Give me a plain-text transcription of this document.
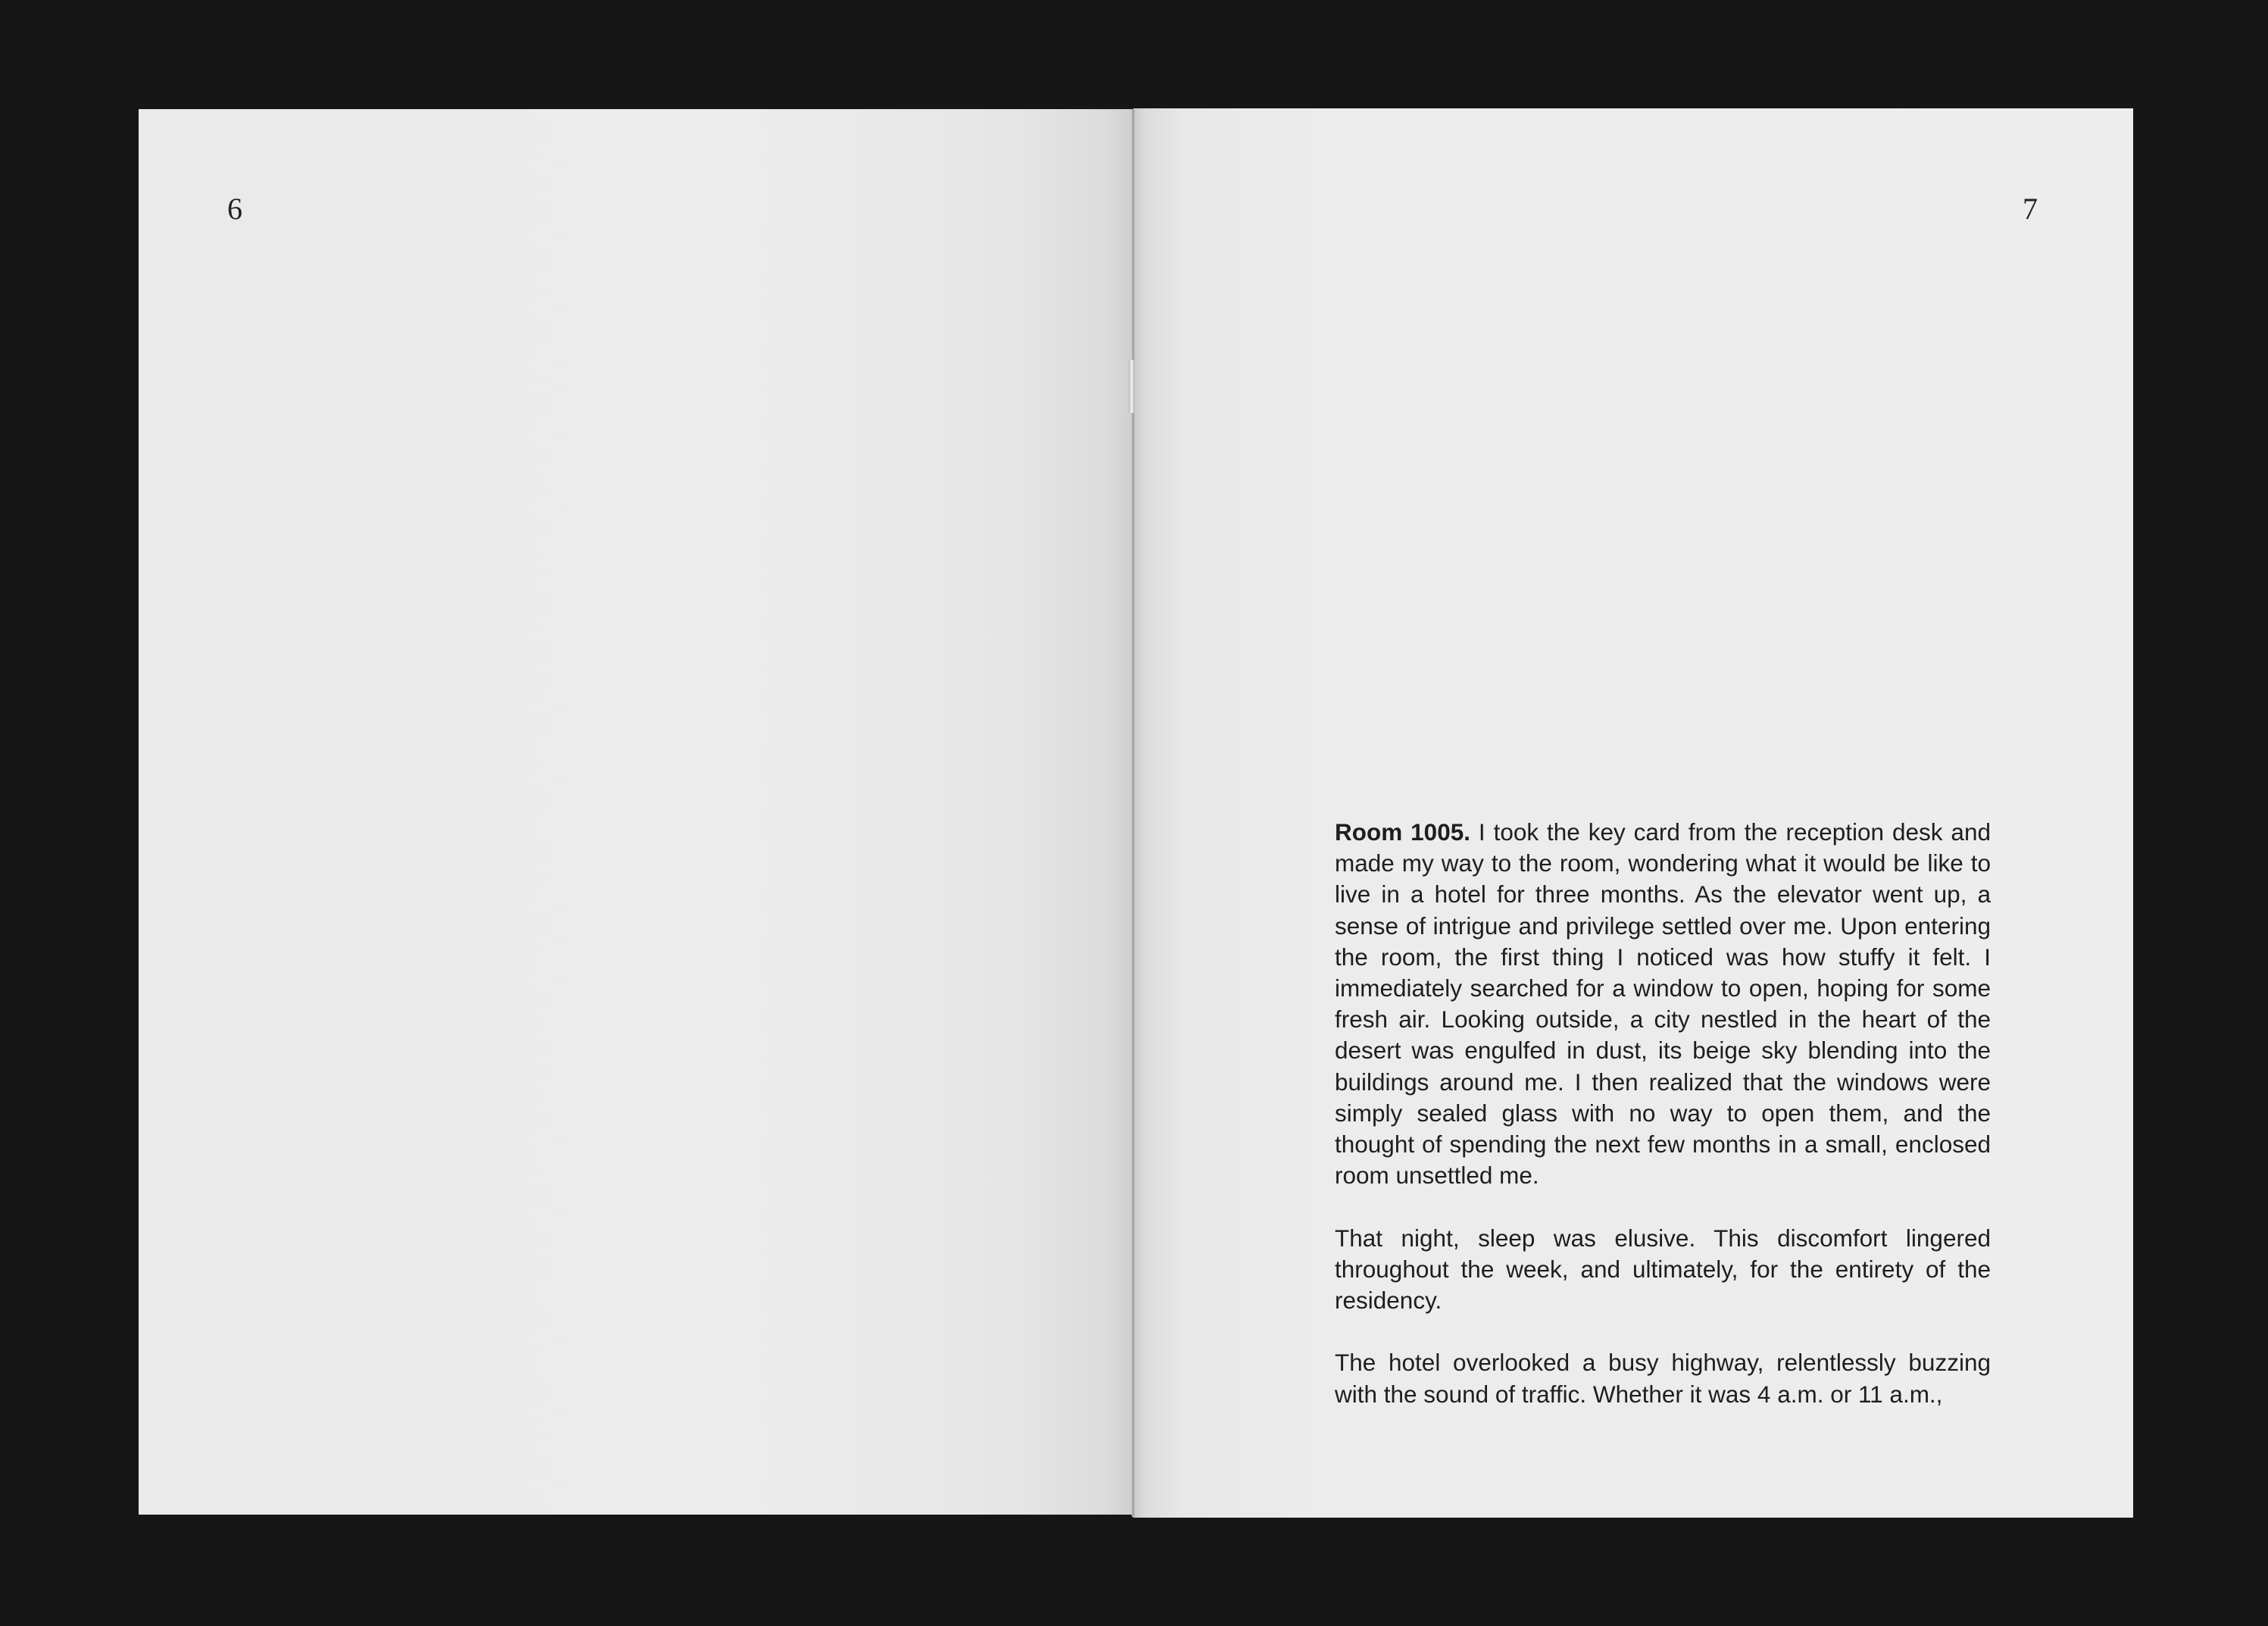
6	7

Room 1005. I took the key card from the reception desk and made my way to the room, wondering what it would be like to live in a hotel for three months. As the elevator went up, a sense of intrigue and privilege settled over me. Upon entering the room, the first thing I noticed was how stuffy it felt. I immediately searched for a window to open, hoping for some fresh air. Looking outside, a city nestled in the heart of the desert was engulfed in dust, its beige sky blending into the buildings around me. I then realized that the windows were simply sealed glass with no way to open them, and the thought of spending the next few months in a small, enclosed room unsettled me.

That night, sleep was elusive. This discomfort lingered throughout the week, and ultimately, for the entirety of the residency.

The hotel overlooked a busy highway, relentlessly buzzing with the sound of traffic. Whether it was 4 a.m. or 11 a.m.,
